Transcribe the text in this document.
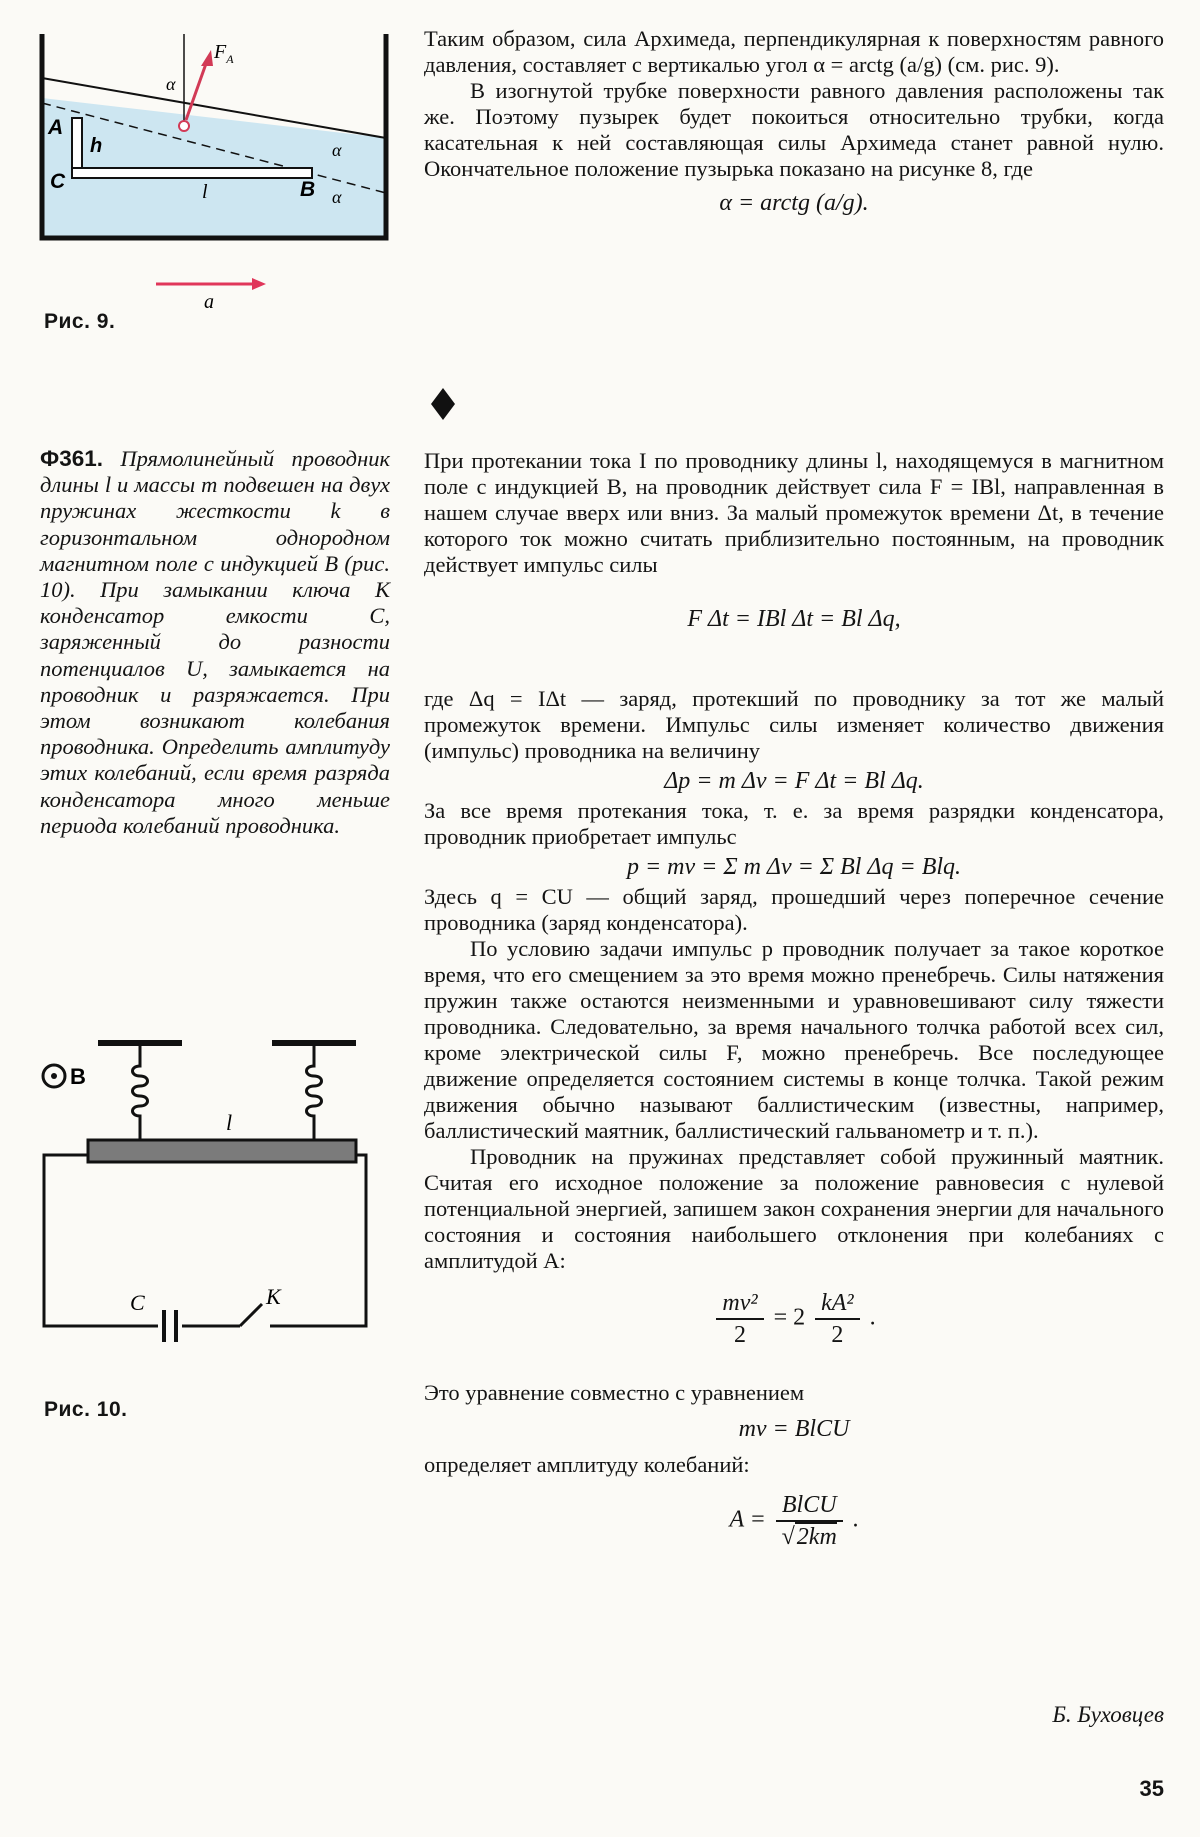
$F_A$
α
α
α
A
h
C	l	B
a
Рис. 9.

Таким образом, сила Архимеда, перпендикулярная к поверхностям равного давления, составляет с вертикалью угол α = arctg (a/g) (см. рис. 9).

В изогнутой трубке поверхности равного давления расположены так же. Поэтому пузырек будет покоиться относительно трубки, когда касательная к ней составляющая силы Архимеда станет равной нулю. Окончательное положение пузырька показано на рисунке 8, где

α = arctg (a/g).

Ф361. Прямолинейный проводник длины l и массы m подвешен на двух пружинах жесткости k в горизонтальном однородном магнитном поле с индукцией B (рис. 10). При замыкании ключа K конденсатор емкости C, заряженный до разности потенциалов U, замыкается на проводник и разряжается. При этом возникают колебания проводника. Определить амплитуду этих колебаний, если время разряда конденсатора много меньше периода колебаний проводника.

При протекании тока I по проводнику длины l, находящемуся в магнитном поле с индукцией B, на проводник действует сила F = IBl, направленная в нашем случае вверх или вниз. За малый промежуток времени Δt, в течение которого ток можно считать приблизительно постоянным, на проводник действует импульс силы

F Δt = IBl Δt = Bl Δq,

где Δq = IΔt — заряд, протекший по проводнику за тот же малый промежуток времени. Импульс силы изменяет количество движения (импульс) проводника на величину

Δp = m Δv = F Δt = Bl Δq.

За все время протекания тока, т. е. за время разрядки конденсатора, проводник приобретает импульс

p = mv = Σ m Δv = Σ Bl Δq = Blq.

Здесь q = CU — общий заряд, прошедший через поперечное сечение проводника (заряд конденсатора).

По условию задачи импульс p проводник получает за такое короткое время, что его смещением за это время можно пренебречь. Силы натяжения пружин также остаются неизменными и уравновешивают силу тяжести проводника. Следовательно, за время начального толчка работой всех сил, кроме электрической силы F, можно пренебречь. Все последующее движение определяется состоянием системы в конце толчка. Такой режим движения обычно называют баллистическим (известны, например, баллистический маятник, баллистический гальванометр и т. п.).

Проводник на пружинах представляет собой пружинный маятник. Считая его исходное положение за положение равновесия с нулевой потенциальной энергией, запишем закон сохранения энергии для начального состояния и состояния наибольшего отклонения при колебаниях с амплитудой A:

$\frac{\text{mv²}}{2} = 2 \frac{\text{kA²}}{2}$ .

Это уравнение совместно с уравнением

mv = BlCU

определяет амплитуду колебаний:

$A = \frac{\text{BlCU}}{√2km}$ .
B
l
C	K
Рис. 10.
Б. Буховцев
35
